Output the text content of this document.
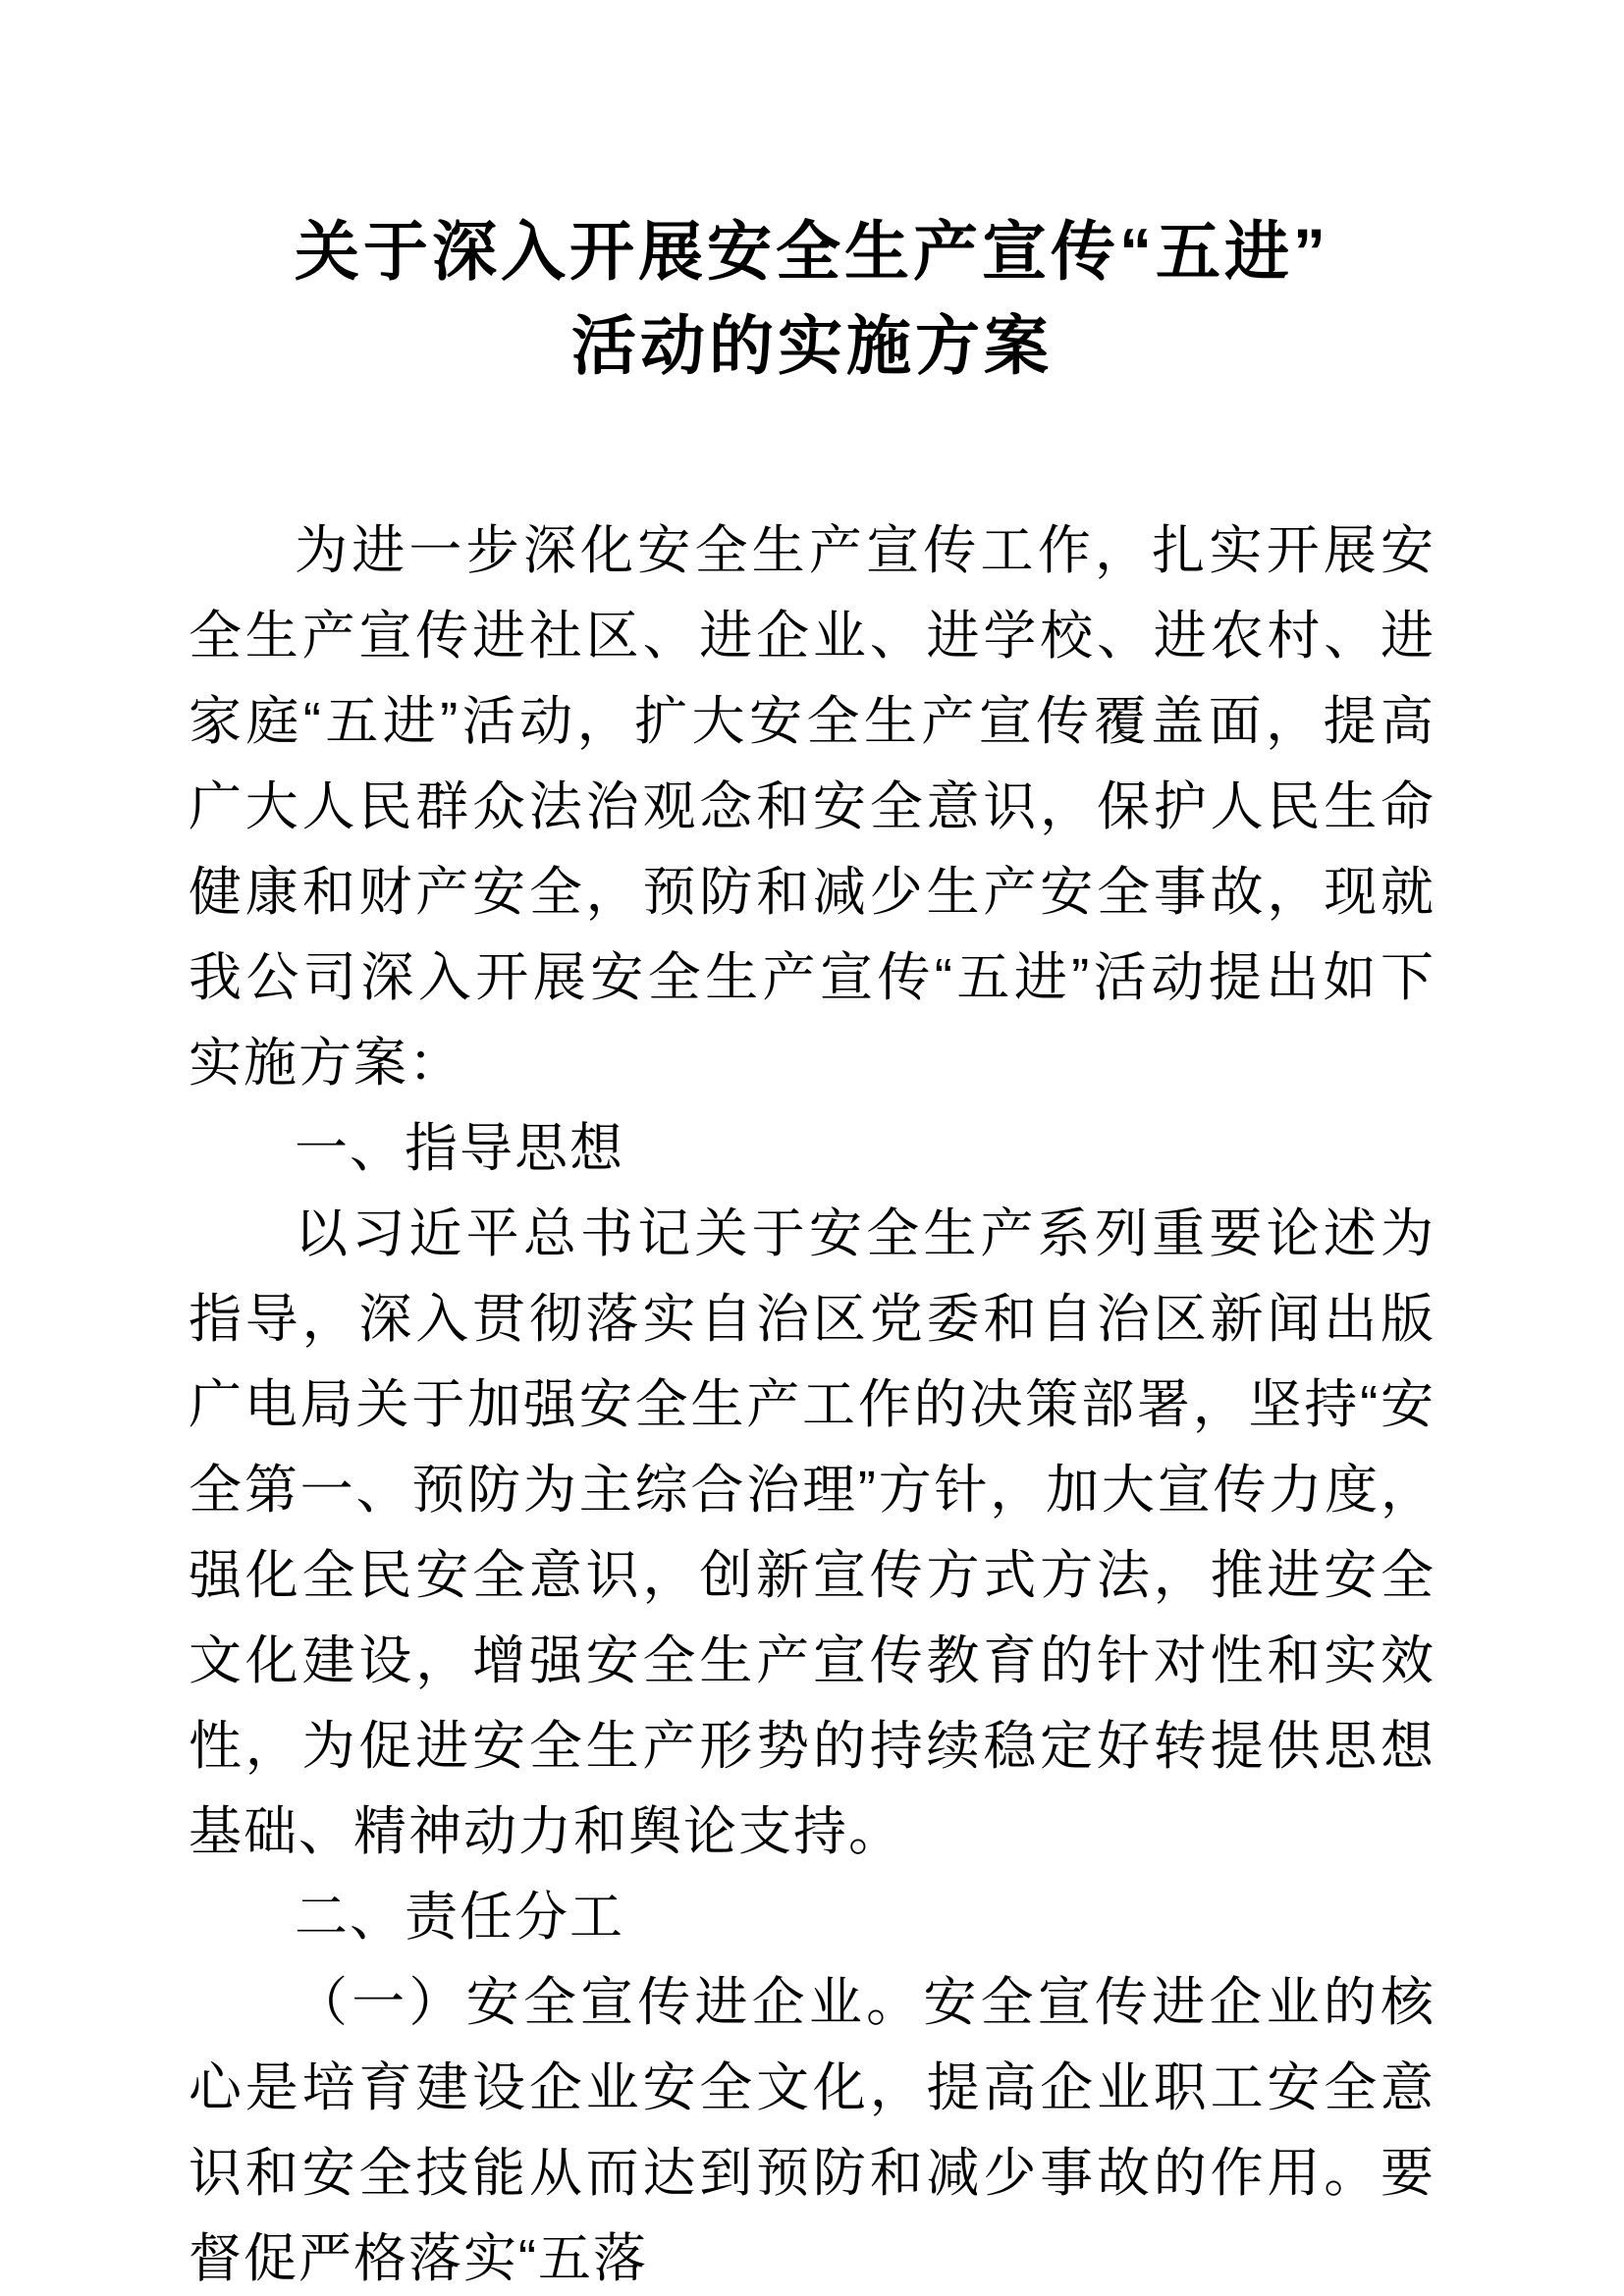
关于深入开展安全生产宣传“五进”
活动的实施方案

为进一步深化安全生产宣传工作，扎实开展安全生产宣传进社区、进企业、进学校、进农村、进家庭“五进”活动，扩大安全生产宣传覆盖面，提高广大人民群众法治观念和安全意识，保护人民生命健康和财产安全，预防和减少生产安全事故，现就我公司深入开展安全生产宣传“五进”活动提出如下实施方案：

一、指导思想

以习近平总书记关于安全生产系列重要论述为指导，深入贯彻落实自治区党委和自治区新闻出版广电局关于加强安全生产工作的决策部署，坚持“安全第一、预防为主综合治理”方针，加大宣传力度，强化全民安全意识，创新宣传方式方法，推进安全文化建设，增强安全生产宣传教育的针对性和实效性，为促进安全生产形势的持续稳定好转提供思想基础、精神动力和舆论支持。

二、责任分工

（一）安全宣传进企业。安全宣传进企业的核心是培育建设企业安全文化，提高企业职工安全意识和安全技能从而达到预防和减少事故的作用。要督促严格落实“五落
